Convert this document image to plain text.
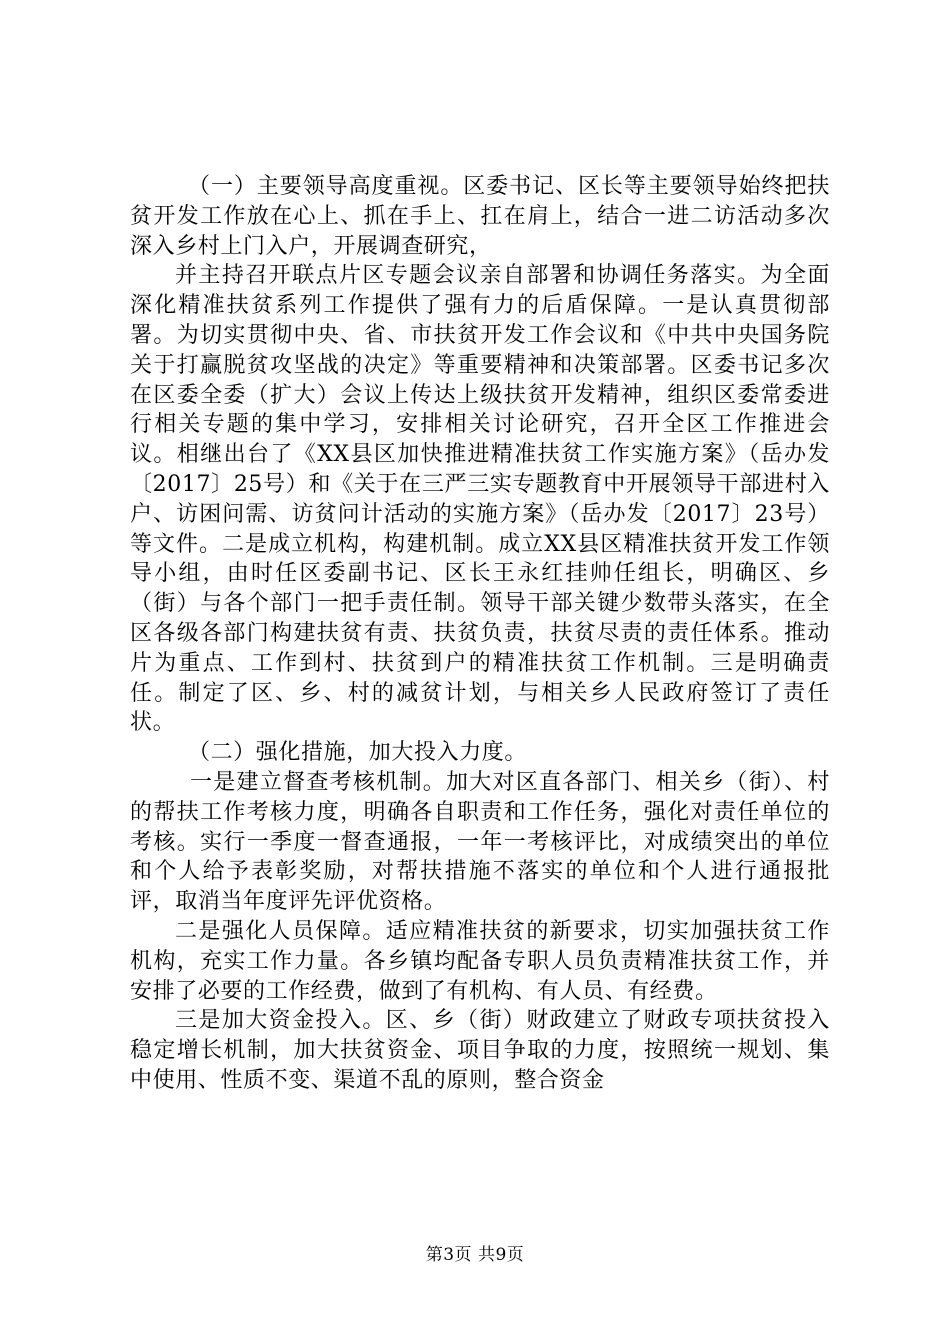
（一）主要领导高度重视。区委书记、区长等主要领导始终把扶贫开发工作放在心上、抓在手上、扛在肩上，结合一进二访活动多次深入乡村上门入户，开展调查研究，

并主持召开联点片区专题会议亲自部署和协调任务落实。为全面深化精准扶贫系列工作提供了强有力的后盾保障。一是认真贯彻部署。为切实贯彻中央、省、市扶贫开发工作会议和《中共中央国务院关于打赢脱贫攻坚战的决定》等重要精神和决策部署。区委书记多次在区委全委（扩大）会议上传达上级扶贫开发精神，组织区委常委进行相关专题的集中学习，安排相关讨论研究，召开全区工作推进会议。相继出台了《XX县区加快推进精准扶贫工作实施方案》（岳办发〔2017〕25号）和《关于在三严三实专题教育中开展领导干部进村入户、访困问需、访贫问计活动的实施方案》（岳办发〔2017〕23号）等文件。二是成立机构，构建机制。成立XX县区精准扶贫开发工作领导小组，由时任区委副书记、区长王永红挂帅任组长，明确区、乡（街）与各个部门一把手责任制。领导干部关键少数带头落实，在全区各级各部门构建扶贫有责、扶贫负责，扶贫尽责的责任体系。推动片为重点、工作到村、扶贫到户的精准扶贫工作机制。三是明确责任。制定了区、乡、村的减贫计划，与相关乡人民政府签订了责任状。

（二）强化措施，加大投入力度。

一是建立督查考核机制。加大对区直各部门、相关乡（街）、村的帮扶工作考核力度，明确各自职责和工作任务，强化对责任单位的考核。实行一季度一督查通报，一年一考核评比，对成绩突出的单位和个人给予表彰奖励，对帮扶措施不落实的单位和个人进行通报批评，取消当年度评先评优资格。

二是强化人员保障。适应精准扶贫的新要求，切实加强扶贫工作机构，充实工作力量。各乡镇均配备专职人员负责精准扶贫工作，并安排了必要的工作经费，做到了有机构、有人员、有经费。

三是加大资金投入。区、乡（街）财政建立了财政专项扶贫投入稳定增长机制，加大扶贫资金、项目争取的力度，按照统一规划、集中使用、性质不变、渠道不乱的原则，整合资金

第3页 共9页
